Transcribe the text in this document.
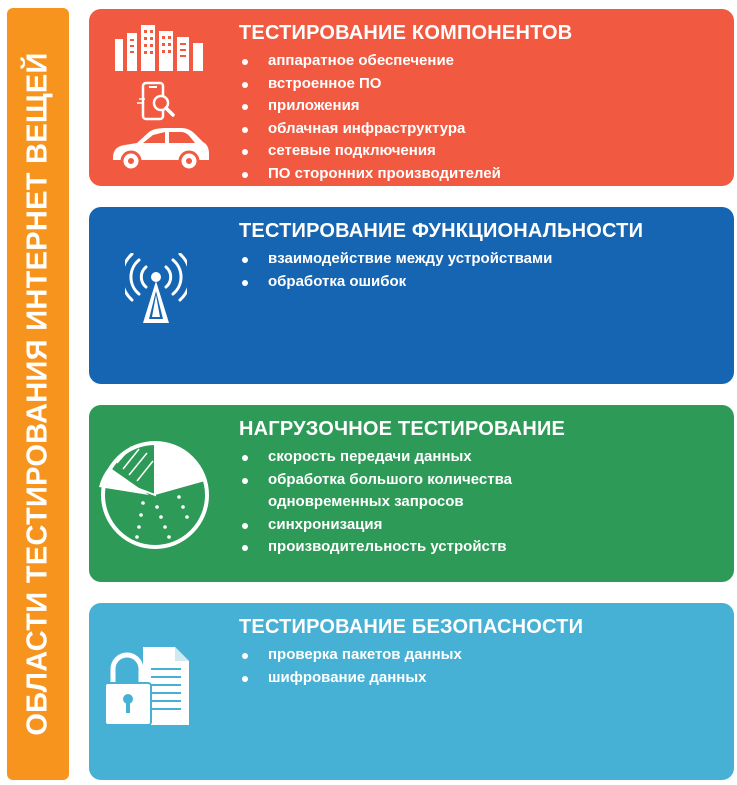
ОБЛАСТИ ТЕСТИРОВАНИЯ ИНТЕРНЕТ ВЕЩЕЙ
ТЕСТИРОВАНИЕ КОМПОНЕНТОВ
аппаратное обеспечение
встроенное ПО
приложения
облачная инфраструктура
сетевые подключения
ПО сторонних производителей
ТЕСТИРОВАНИЕ ФУНКЦИОНАЛЬНОСТИ
взаимодействие между устройствами
обработка ошибок
НАГРУЗОЧНОЕ ТЕСТИРОВАНИЕ
скорость передачи данных
обработка большого количества
одновременных запросов
синхронизация
производительность устройств
ТЕСТИРОВАНИЕ БЕЗОПАСНОСТИ
проверка пакетов данных
шифрование данных
